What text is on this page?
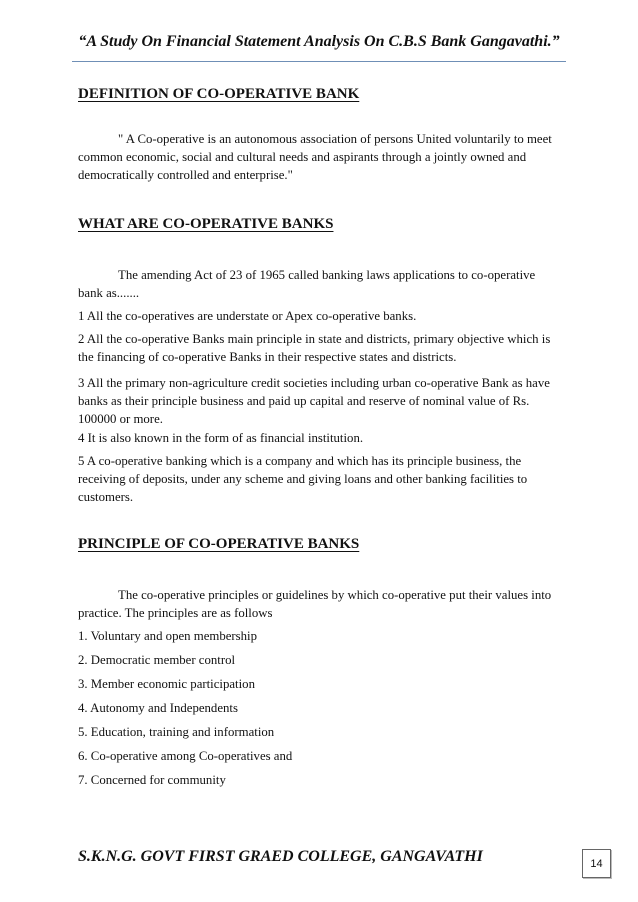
“A Study On Financial Statement Analysis On C.B.S Bank Gangavathi.”
DEFINITION OF CO-OPERATIVE BANK

" A Co-operative is an autonomous association of persons United voluntarily to meet common economic, social and cultural needs and aspirants through a jointly owned and democratically controlled and enterprise."

WHAT ARE CO-OPERATIVE BANKS

The amending Act of 23 of 1965 called banking laws applications to co-operative bank as.......

1 All the co-operatives are understate or Apex co-operative banks.

2 All the co-operative Banks main principle in state and districts, primary objective which is the financing of co-operative Banks in their respective states and districts.

3 All the primary non-agriculture credit societies including urban co-operative Bank as have banks as their principle business and paid up capital and reserve of nominal value of Rs. 100000 or more.

4 It is also known in the form of as financial institution.

5 A co-operative banking which is a company and which has its principle business, the receiving of deposits, under any scheme and giving loans and other banking facilities to customers.

PRINCIPLE OF CO-OPERATIVE BANKS

The co-operative principles or guidelines by which co-operative put their values into practice. The principles are as follows

1. Voluntary and open membership

2. Democratic member control

3. Member economic participation

4. Autonomy and Independents

5. Education, training and information

6. Co-operative among Co-operatives and

7. Concerned for community

S.K.N.G. GOVT FIRST GRAED COLLEGE, GANGAVATHI	14
